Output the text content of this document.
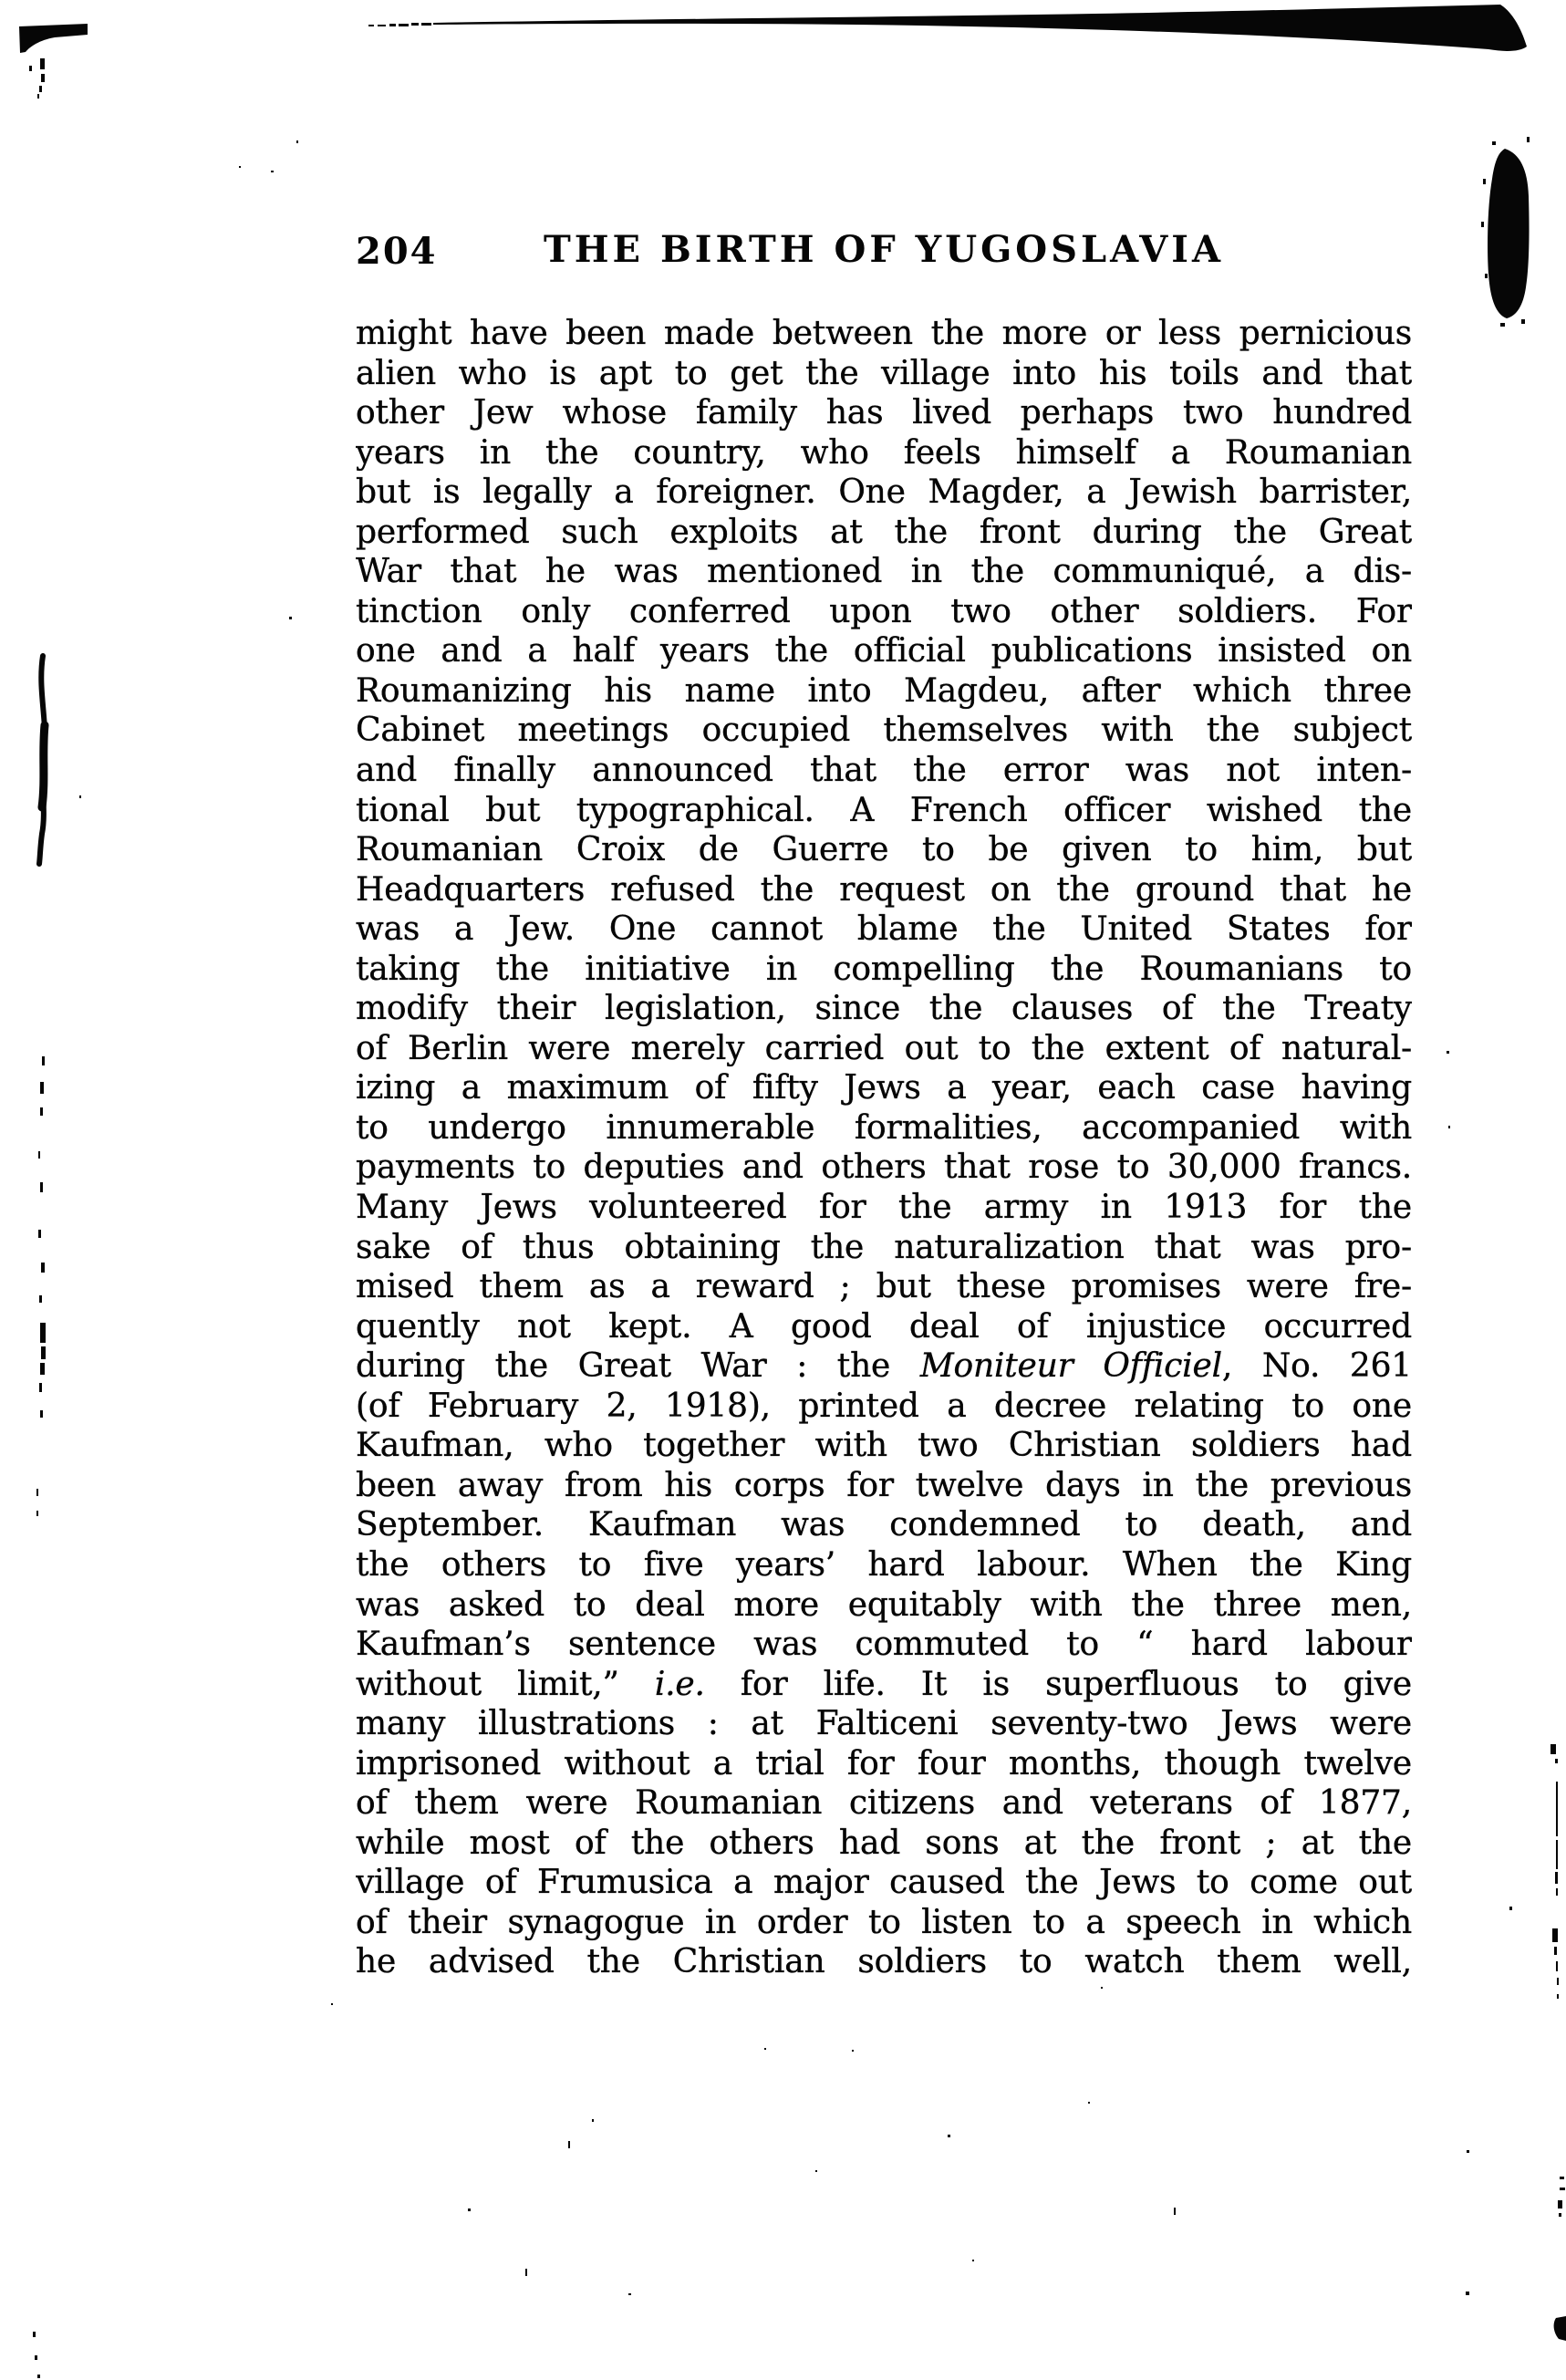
204	THE BIRTH OF YUGOSLAVIA
might have been made between the more or less pernicious
alien who is apt to get the village into his toils and that
other Jew whose family has lived perhaps two hundred
years in the country, who feels himself a Roumanian
but is legally a foreigner. One Magder, a Jewish barrister,
performed such exploits at the front during the Great
War that he was mentioned in the communiqué, a dis-
tinction only conferred upon two other soldiers. For
one and a half years the official publications insisted on
Roumanizing his name into Magdeu, after which three
Cabinet meetings occupied themselves with the subject
and finally announced that the error was not inten-
tional but typographical. A French officer wished the
Roumanian Croix de Guerre to be given to him, but
Headquarters refused the request on the ground that he
was a Jew. One cannot blame the United States for
taking the initiative in compelling the Roumanians to
modify their legislation, since the clauses of the Treaty
of Berlin were merely carried out to the extent of natural-
izing a maximum of fifty Jews a year, each case having
to undergo innumerable formalities, accompanied with
payments to deputies and others that rose to 30,000 francs.
Many Jews volunteered for the army in 1913 for the
sake of thus obtaining the naturalization that was pro-
mised them as a reward ; but these promises were fre-
quently not kept. A good deal of injustice occurred
during the Great War : the Moniteur Officiel, No. 261
(of February 2, 1918), printed a decree relating to one
Kaufman, who together with two Christian soldiers had
been away from his corps for twelve days in the previous
September. Kaufman was condemned to death, and
the others to five years’ hard labour. When the King
was asked to deal more equitably with the three men,
Kaufman’s sentence was commuted to “ hard labour
without limit,” i.e. for life. It is superfluous to give
many illustrations : at Falticeni seventy-two Jews were
imprisoned without a trial for four months, though twelve
of them were Roumanian citizens and veterans of 1877,
while most of the others had sons at the front ; at the
village of Frumusica a major caused the Jews to come out
of their synagogue in order to listen to a speech in which
he advised the Christian soldiers to watch them well,
